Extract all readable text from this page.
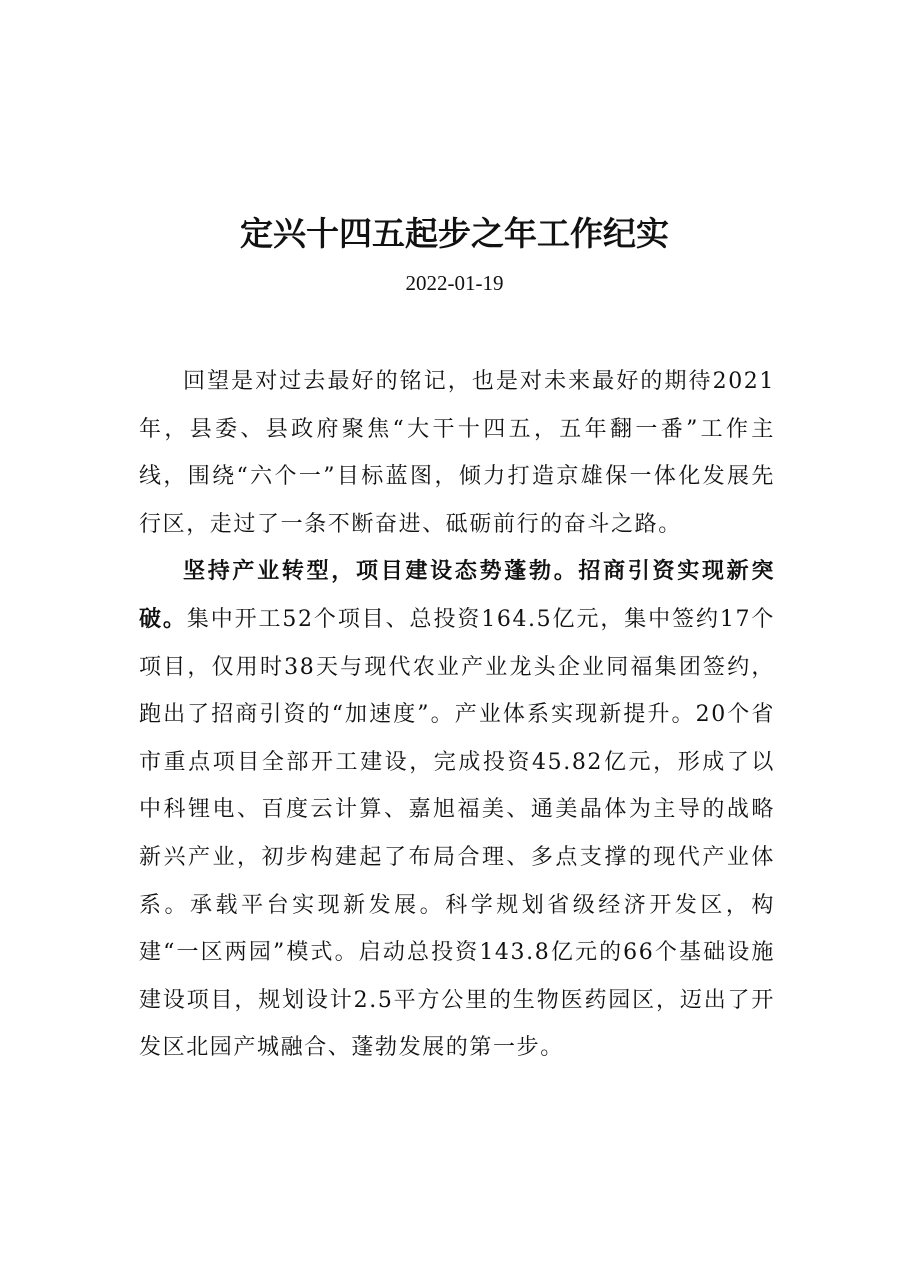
定兴十四五起步之年工作纪实

2022-01-19

回望是对过去最好的铭记，也是对未来最好的期待2021年，县委、县政府聚焦“大干十四五，五年翻一番”工作主线，围绕“六个一”目标蓝图，倾力打造京雄保一体化发展先行区，走过了一条不断奋进、砥砺前行的奋斗之路。

坚持产业转型，项目建设态势蓬勃。招商引资实现新突破。集中开工52个项目、总投资164.5亿元，集中签约17个项目，仅用时38天与现代农业产业龙头企业同福集团签约，跑出了招商引资的“加速度”。产业体系实现新提升。20个省市重点项目全部开工建设，完成投资45.82亿元，形成了以中科锂电、百度云计算、嘉旭福美、通美晶体为主导的战略新兴产业，初步构建起了布局合理、多点支撑的现代产业体系。承载平台实现新发展。科学规划省级经济开发区，构建“一区两园”模式。启动总投资143.8亿元的66个基础设施建设项目，规划设计2.5平方公里的生物医药园区，迈出了开发区北园产城融合、蓬勃发展的第一步。
